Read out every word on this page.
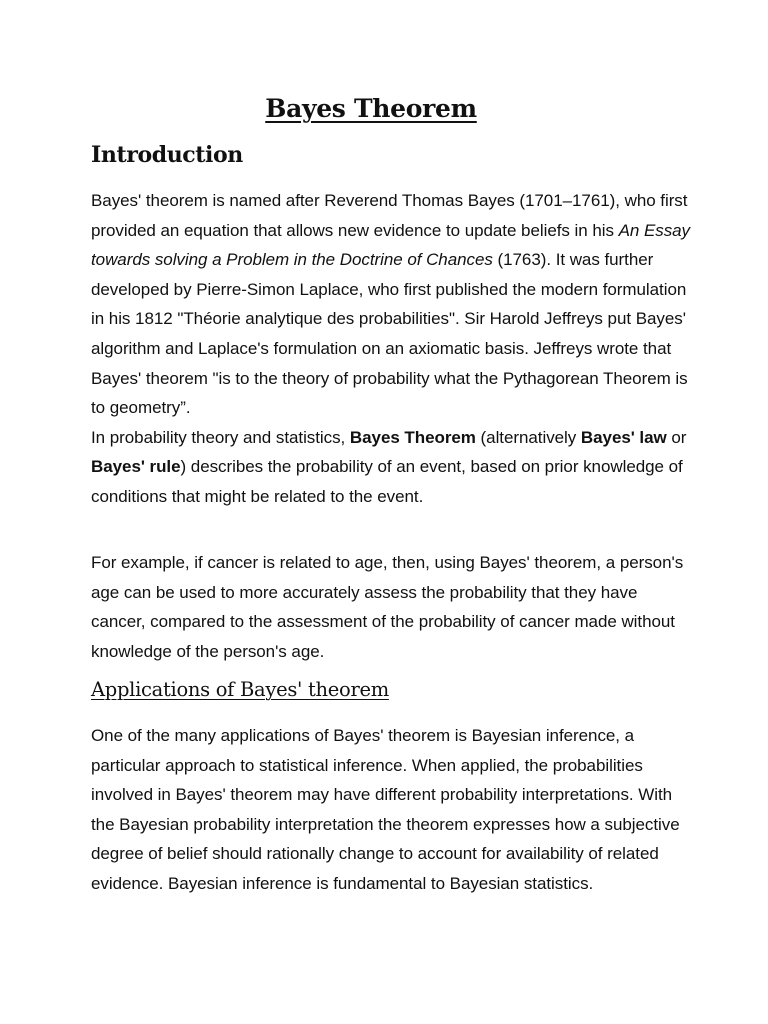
Bayes Theorem
Introduction

Bayes' theorem is named after Reverend Thomas Bayes (1701–1761), who first provided an equation that allows new evidence to update beliefs in his An Essay towards solving a Problem in the Doctrine of Chances (1763). It was further developed by Pierre-Simon Laplace, who first published the modern formulation in his 1812 "Théorie analytique des probabilities". Sir Harold Jeffreys put Bayes' algorithm and Laplace's formulation on an axiomatic basis. Jeffreys wrote that Bayes' theorem "is to the theory of probability what the Pythagorean Theorem is to geometry”.
In probability theory and statistics, Bayes Theorem (alternatively Bayes' law or Bayes' rule) describes the probability of an event, based on prior knowledge of conditions that might be related to the event.

For example, if cancer is related to age, then, using Bayes' theorem, a person's age can be used to more accurately assess the probability that they have cancer, compared to the assessment of the probability of cancer made without knowledge of the person's age.

Applications of Bayes' theorem

One of the many applications of Bayes' theorem is Bayesian inference, a particular approach to statistical inference. When applied, the probabilities involved in Bayes' theorem may have different probability interpretations. With the Bayesian probability interpretation the theorem expresses how a subjective degree of belief should rationally change to account for availability of related evidence. Bayesian inference is fundamental to Bayesian statistics.
